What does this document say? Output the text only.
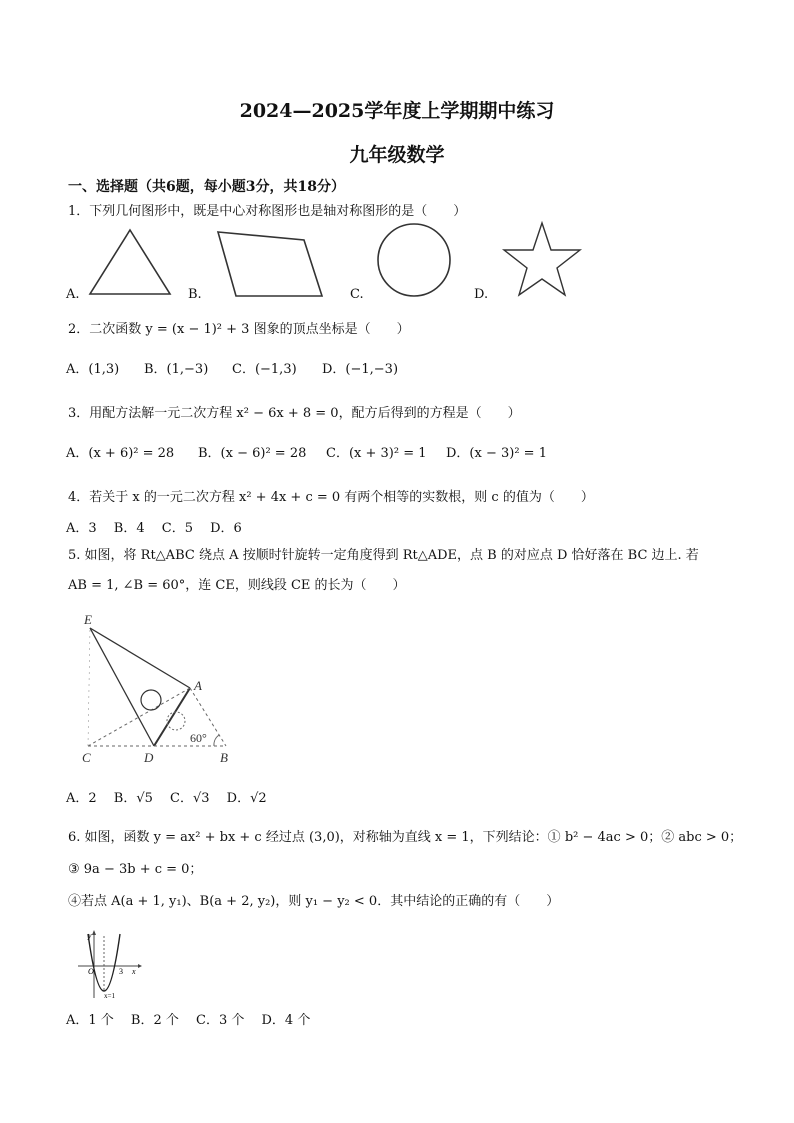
2024—2025学年度上学期期中练习
九年级数学
一、选择题（共6题，每小题3分，共18分）
1．下列几何图形中，既是中心对称图形也是轴对称图形的是（　　）
A.	B.	C.	D.
2．二次函数 y = (x − 1)² + 3 图象的顶点坐标是（　　）
A．(1,3) B．(1,−3) C．(−1,3) D．(−1,−3)
3．用配方法解一元二次方程 x² − 6x + 8 = 0，配方后得到的方程是（　　）
A．(x + 6)² = 28 B．(x − 6)² = 28 C．(x + 3)² = 1 D．(x − 3)² = 1
4．若关于 x 的一元二次方程 x² + 4x + c = 0 有两个相等的实数根，则 c 的值为（　　）
A．3　 B．4　 C．5　 D．6
5. 如图，将 Rt△ABC 绕点 A 按顺时针旋转一定角度得到 Rt△ADE，点 B 的对应点 D 恰好落在 BC 边上. 若
AB = 1, ∠B = 60°，连 CE，则线段 CE 的长为（　　）
E
A
C	D	B
60°
A．2　 B．√5　 C．√3　 D．√2
6. 如图，函数 y = ax² + bx + c 经过点 (3,0)，对称轴为直线 x = 1，下列结论：① b² − 4ac > 0；② abc > 0；
③ 9a − 3b + c = 0；
④若点 A(a + 1, y₁)、B(a + 2, y₂)，则 y₁ − y₂ < 0．其中结论的正确的有（　　）
y
x
O	3
x=1
A．1 个　 B．2 个　 C．3 个　 D．4 个
